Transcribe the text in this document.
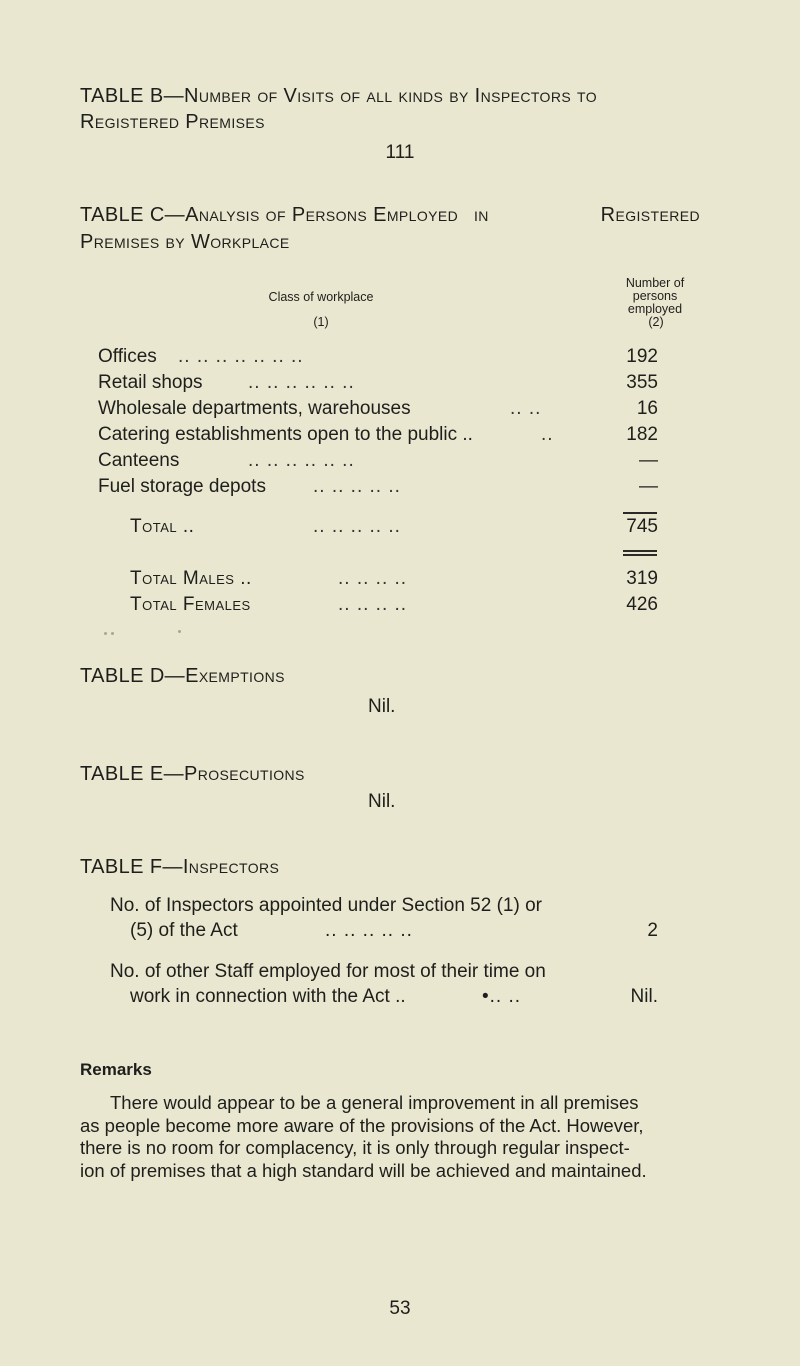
TABLE B—Number of Visits of all kinds by Inspectors to
Registered Premises
111
TABLE C—Analysis of Persons Employed in	Registered
Premises by Workplace
Class of workplace
(1)
Number of
persons
employed
(2)
Offices .. .. .. .. .. .. ..	192
Retail shops .. .. .. .. .. ..	355
Wholesale departments, warehouses	.. ..	16
Catering establishments open to the public ..	..	182
Canteens	.. .. .. .. .. ..	—
Fuel storage depots .. .. .. .. ..	—
Total ..	.. .. .. .. ..	745
Total Males ..	.. .. .. ..	319
Total Females	.. .. .. ..	426
TABLE D—Exemptions
Nil.
TABLE E—Prosecutions
Nil.
TABLE F—Inspectors
No. of Inspectors appointed under Section 52 (1) or
(5) of the Act	.. .. .. .. ..	2
No. of other Staff employed for most of their time on
work in connection with the Act ..	•.. ..	Nil.
Remarks
There would appear to be a general improvement in all premises
as people become more aware of the provisions of the Act. However,
there is no room for complacency, it is only through regular inspect-
ion of premises that a high standard will be achieved and maintained.
53
